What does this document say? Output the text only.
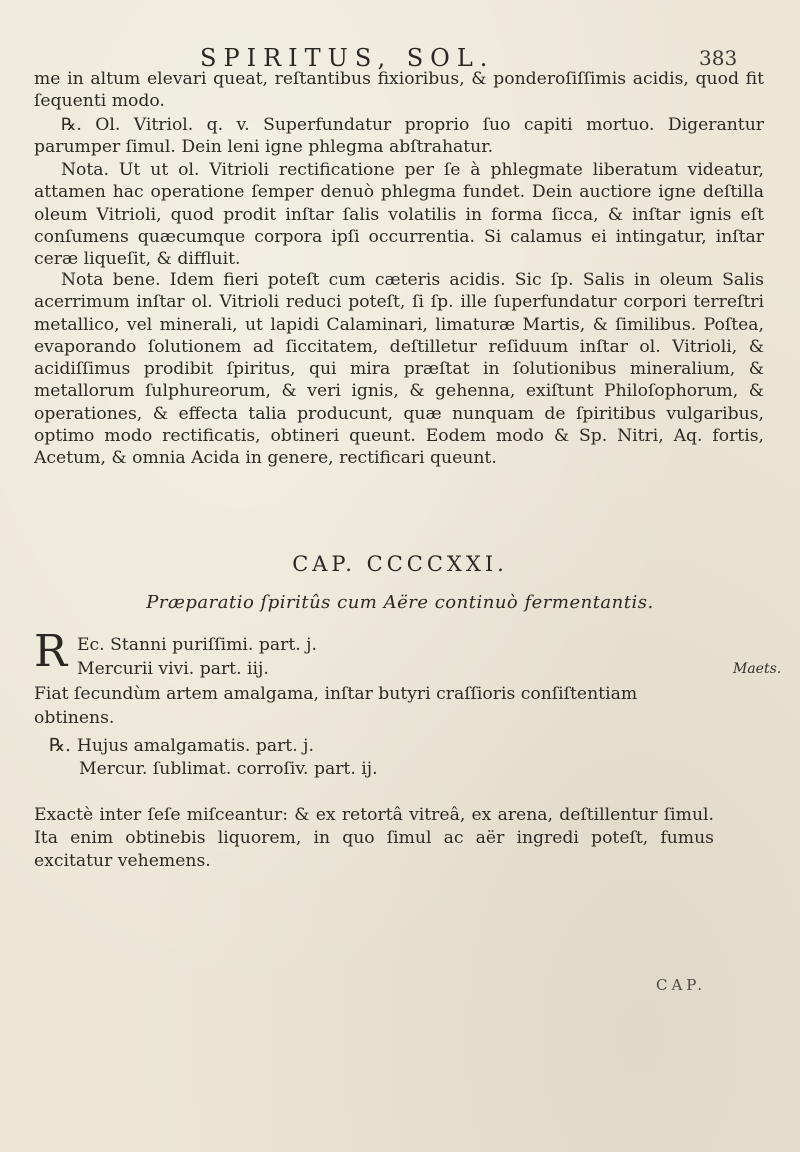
SPIRITUS, SOL.	383

me in altum elevari queat, reſtantibus fixioribus, & ponderoſiſſimis acidis, quod fit ſequenti modo.

℞. Ol. Vitriol. q. v. Superfundatur proprio ſuo capiti mortuo. Digerantur parumper ſimul. Dein leni igne phlegma abſtrahatur.

Nota. Ut ut ol. Vitrioli rectificatione per ſe à phlegmate liberatum videatur, attamen hac operatione ſemper denuò phlegma fundet. Dein auctiore igne deſtilla oleum Vitrioli, quod prodit inſtar ſalis volatilis in forma ſicca, & inſtar ignis eſt conſumens quæcumque corpora ipſi occurrentia. Si calamus ei intingatur, inſtar ceræ liqueſit, & diffluit.

Nota bene. Idem fieri poteſt cum cæteris acidis. Sic ſp. Salis in oleum Salis acerrimum inſtar ol. Vitrioli reduci poteſt, ſi ſp. ille ſuperfundatur corpori terreſtri metallico, vel minerali, ut lapidi Calaminari, limaturæ Martis, & ſimilibus. Poſtea, evaporando ſolutionem ad ſiccitatem, deſtilletur reſiduum inſtar ol. Vitrioli, & acidiſſimus prodibit ſpiritus, qui mira præſtat in ſolutionibus mineralium, & metallorum ſulphureorum, & veri ignis, & gehenna, exiſtunt Philoſophorum, & operationes, & effecta talia producunt, quæ nunquam de ſpiritibus vulgaribus, optimo modo rectificatis, obtineri queunt. Eodem modo & Sp. Nitri, Aq. fortis, Acetum, & omnia Acida in genere, rectificari queunt.

CAP. CCCCXXI.
Præparatio ſpiritûs cum Aëre continuò fermentantis.
R Ec. Stanni puriſſimi. part. j.
Mercurii vivi. part. iij.
Fiat ſecundùm artem amalgama, inſtar butyri craſſioris conſiſtentiam
obtinens.
℞. Hujus amalgamatis. part. j.
Mercur. ſublimat. corroſiv. part. ij.
Exactè inter ſeſe miſceantur: & ex retortâ vitreâ, ex arena, deſtillentur ſimul. Ita enim obtinebis liquorem, in quo ſimul ac aër ingredi poteſt, fumus excitatur vehemens.
Maets.
CAP.
